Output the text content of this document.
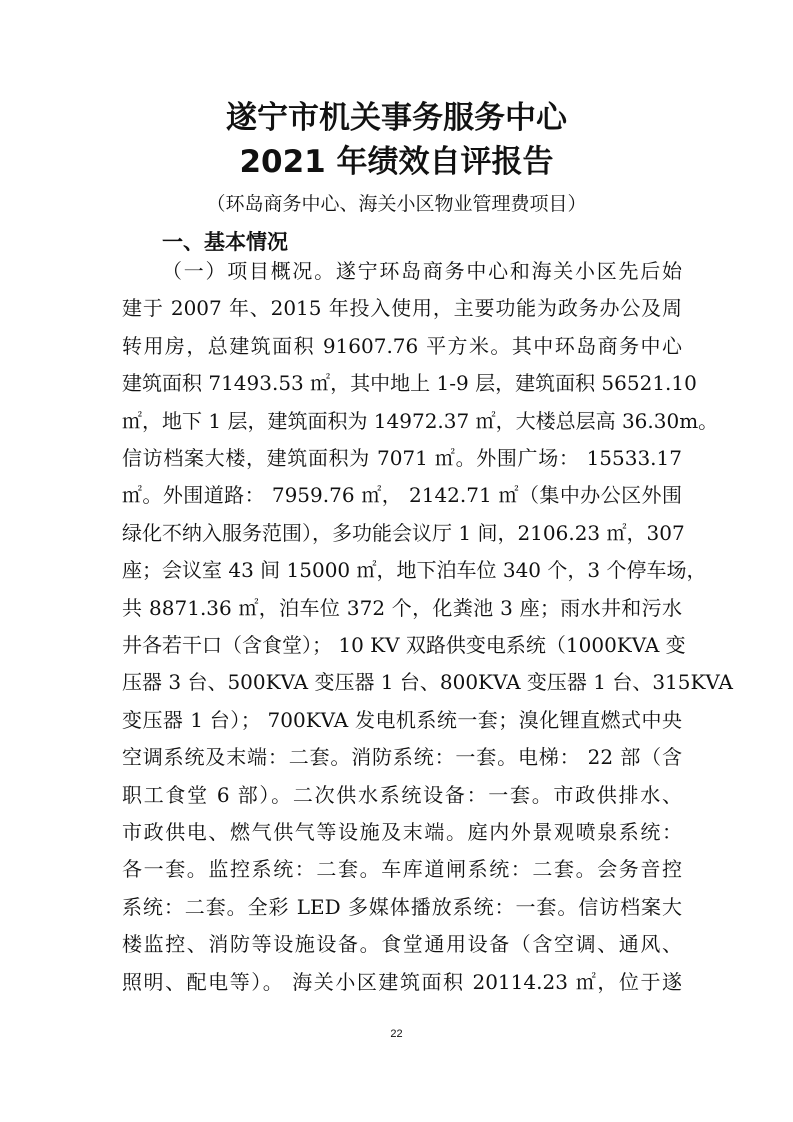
遂宁市机关事务服务中心
2021 年绩效自评报告
（环岛商务中心、海关小区物业管理费项目）
一、基本情况
（一）项目概况。遂宁环岛商务中心和海关小区先后始
建于 2007 年、2015 年投入使用，主要功能为政务办公及周
转用房，总建筑面积 91607.76 平方米。其中环岛商务中心
建筑面积 71493.53 ㎡，其中地上 1-9 层，建筑面积 56521.10
㎡，地下 1 层，建筑面积为 14972.37 ㎡，大楼总层高 36.30m。
信访档案大楼，建筑面积为 7071 ㎡。外围广场： 15533.17
㎡。外围道路： 7959.76 ㎡， 2142.71 ㎡（集中办公区外围
绿化不纳入服务范围），多功能会议厅 1 间，2106.23 ㎡，307
座；会议室 43 间 15000 ㎡，地下泊车位 340 个，3 个停车场，
共 8871.36 ㎡，泊车位 372 个，化粪池 3 座；雨水井和污水
井各若干口（含食堂）； 10 KV 双路供变电系统（1000KVA 变
压器 3 台、500KVA 变压器 1 台、800KVA 变压器 1 台、315KVA
变压器 1 台）； 700KVA 发电机系统一套；溴化锂直燃式中央
空调系统及末端：二套。消防系统：一套。电梯： 22 部（含
职工食堂 6 部）。二次供水系统设备：一套。市政供排水、
市政供电、燃气供气等设施及末端。庭内外景观喷泉系统：
各一套。监控系统：二套。车库道闸系统：二套。会务音控
系统：二套。全彩 LED 多媒体播放系统：一套。信访档案大
楼监控、消防等设施设备。食堂通用设备（含空调、通风、
照明、配电等）。 海关小区建筑面积 20114.23 ㎡，位于遂
22
